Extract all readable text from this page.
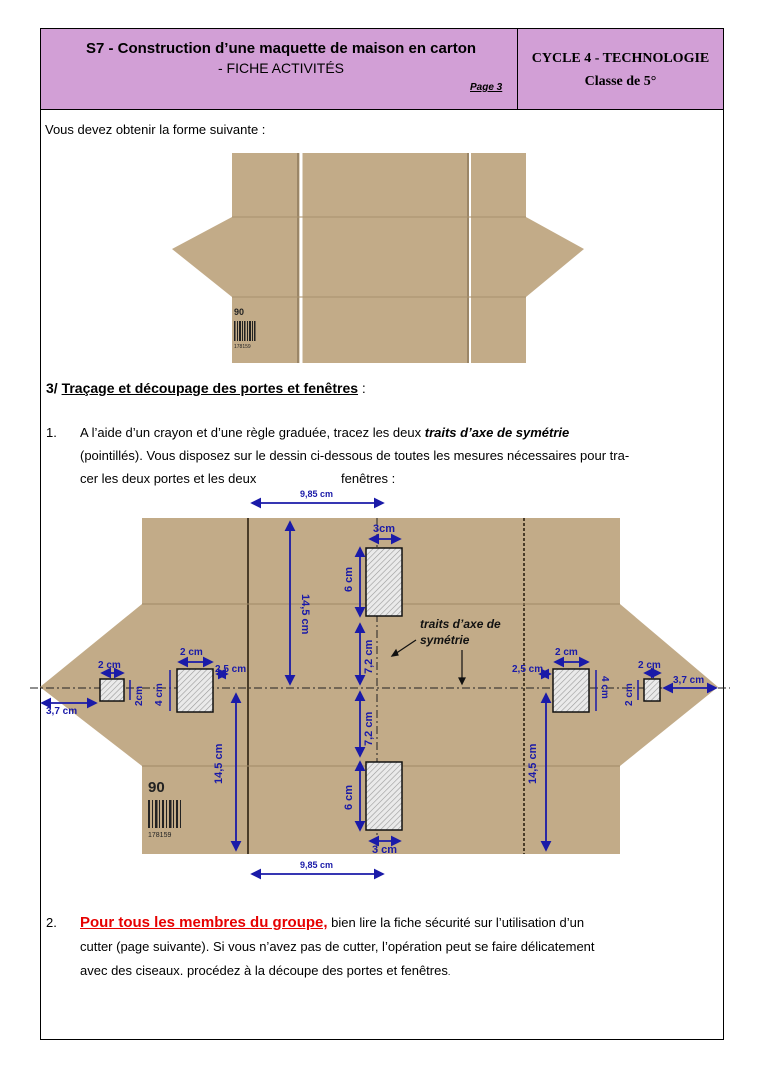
S7 - Construction d’une maquette de maison en carton
- FICHE ACTIVITÉS
Page 3
CYCLE 4 - TECHNOLOGIE
Classe de 5°
Vous devez obtenir la forme suivante :
90
178159
3/ Traçage et découpage des portes et fenêtres :
1. A l’aide d’un crayon et d’une règle graduée, tracez les deux traits d’axe de symétrie
(pointillés). Vous disposez sur le dessin ci-dessous de toutes les mesures nécessaires pour tra-
cer les deux portes et les deux	fenêtres :
9,85 cm
9,85 cm
3cm
3 cm
14,5 cm
14,5 cm	14,5 cm
6 cm
6 cm
7,2 cm
7,2 cm
2 cm
2cm
2 cm
4 cm
2,5 cm
3,7 cm
2 cm
4 cm
2,5 cm	2 cm
2 cm
3,7 cm
traits d’axe de
symétrie
90
178159
2. Pour tous les membres du groupe, bien lire la fiche sécurité sur l’utilisation d’un
cutter (page suivante). Si vous n’avez pas de cutter, l’opération peut se faire délicatement
avec des ciseaux. procédez à la découpe des portes et fenêtres.
